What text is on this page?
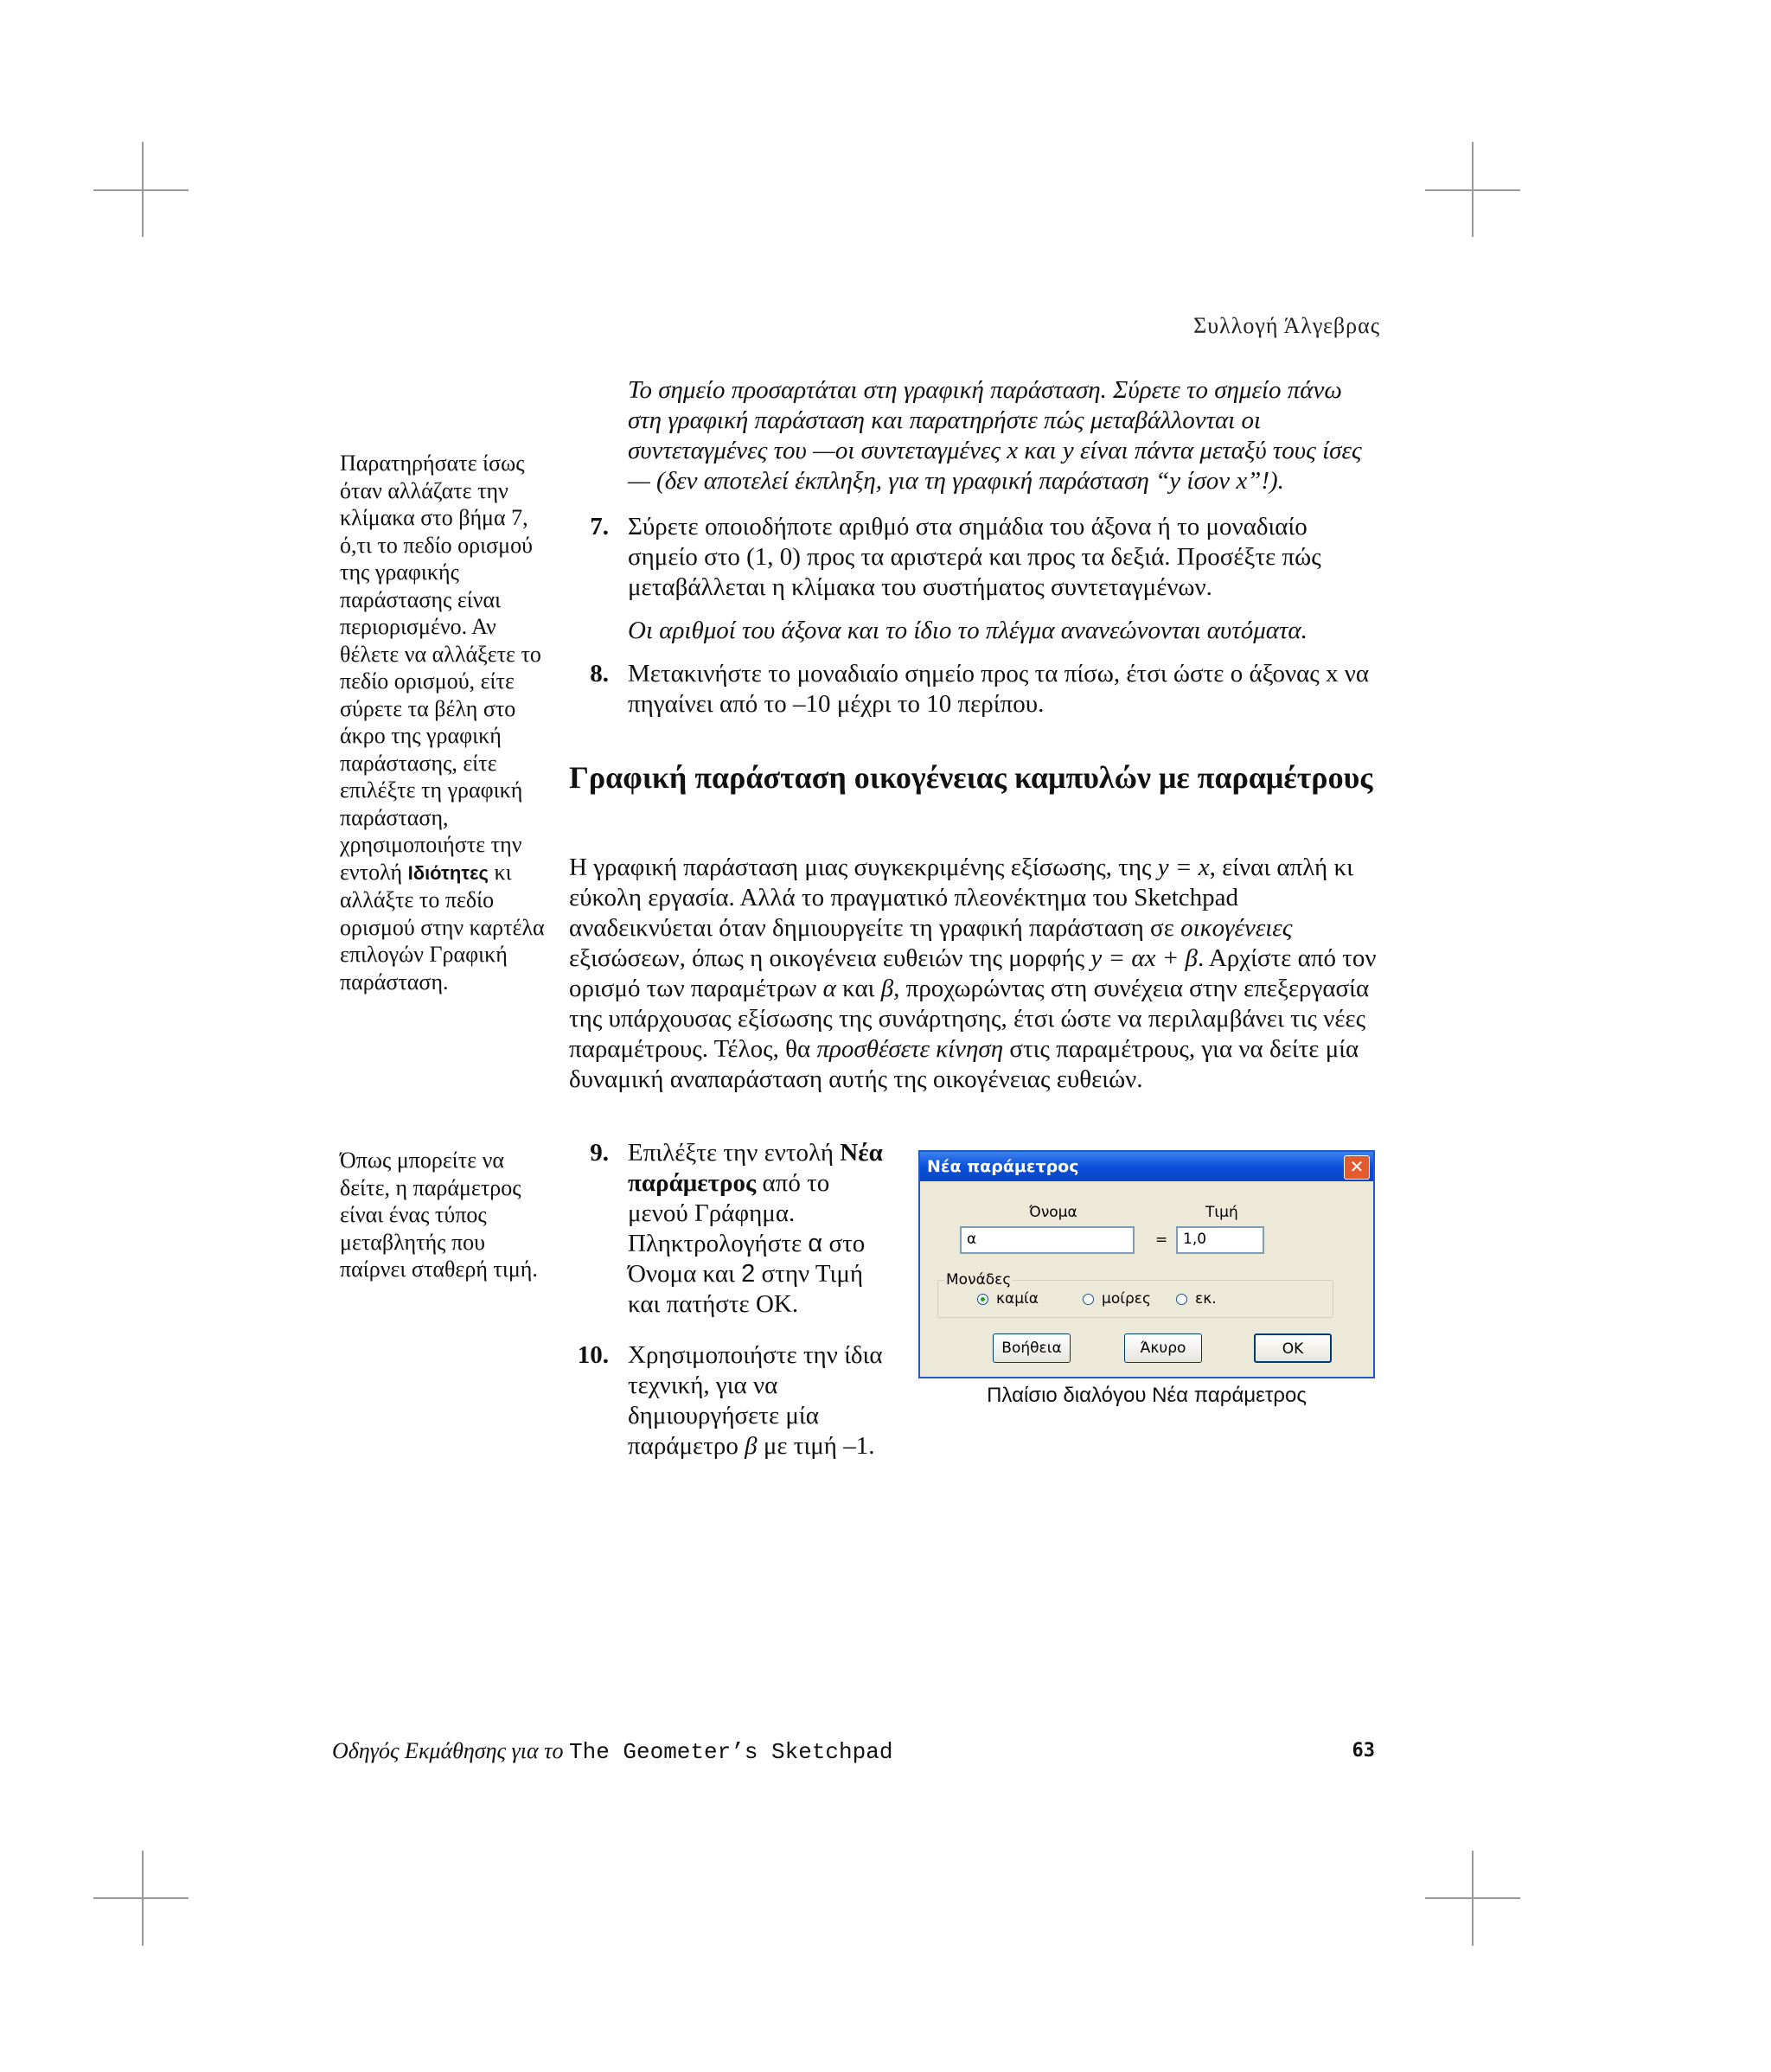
Συλλογή Άλγεβρας
Παρατηρήσατε ίσως όταν αλλάζατε την κλίμακα στο βήμα 7, ό,τι το πεδίο ορισμού της γραφικής παράστασης είναι περιορισμένο. Αν θέλετε να αλλάξετε το πεδίο ορισμού, είτε σύρετε τα βέλη στο άκρο της γραφική παράστασης, είτε επιλέξτε τη γραφική παράσταση, χρησιμοποιήστε την εντολή Ιδιότητες κι αλλάξτε το πεδίο ορισμού στην καρτέλα επιλογών Γραφική παράσταση.
Όπως μπορείτε να δείτε, η παράμετρος είναι ένας τύπος μεταβλητής που παίρνει σταθερή τιμή.
Το σημείο προσαρτάται στη γραφική παράσταση. Σύρετε το σημείο πάνω στη γραφική παράσταση και παρατηρήστε πώς μεταβάλλονται οι συντεταγμένες του —οι συντεταγμένες x και y είναι πάντα μεταξύ τους ίσες— (δεν αποτελεί έκπληξη, για τη γραφική παράσταση “y ίσον x”!).
7. Σύρετε οποιοδήποτε αριθμό στα σημάδια του άξονα ή το μοναδιαίο σημείο στο (1, 0) προς τα αριστερά και προς τα δεξιά. Προσέξτε πώς μεταβάλλεται η κλίμακα του συστήματος συντεταγμένων.
Οι αριθμοί του άξονα και το ίδιο το πλέγμα ανανεώνονται αυτόματα.
8. Μετακινήστε το μοναδιαίο σημείο προς τα πίσω, έτσι ώστε ο άξονας x να πηγαίνει από το –10 μέχρι το 10 περίπου.
Γραφική παράσταση οικογένειας καμπυλών με παραμέτρους
Η γραφική παράσταση μιας συγκεκριμένης εξίσωσης, της y = x, είναι απλή κι εύκολη εργασία. Αλλά το πραγματικό πλεονέκτημα του Sketchpad αναδεικνύεται όταν δημιουργείτε τη γραφική παράσταση σε οικογένειες εξισώσεων, όπως η οικογένεια ευθειών της μορφής y = αx + β. Αρχίστε από τον ορισμό των παραμέτρων α και β, προχωρώντας στη συνέχεια στην επεξεργασία της υπάρχουσας εξίσωσης της συνάρτησης, έτσι ώστε να περιλαμβάνει τις νέες παραμέτρους. Τέλος, θα προσθέσετε κίνηση στις παραμέτρους, για να δείτε μία δυναμική αναπαράσταση αυτής της οικογένειας ευθειών.
9. Επιλέξτε την εντολή Νέα παράμετρος από το μενού Γράφημα. Πληκτρολογήστε α στο Όνομα και 2 στην Τιμή και πατήστε ΟΚ.
10. Χρησιμοποιήστε την ίδια τεχνική, για να δημιουργήσετε μία παράμετρο β με τιμή –1.
Νέα παράμετρος	✕
Όνομα	Τιμή
α	=	1,0
Μονάδες
καμία	μοίρες	εκ.
Βοήθεια	Άκυρο	OK
Πλαίσιο διαλόγου Νέα παράμετρος
Οδηγός Εκμάθησης για το The Geometer’s Sketchpad	63
